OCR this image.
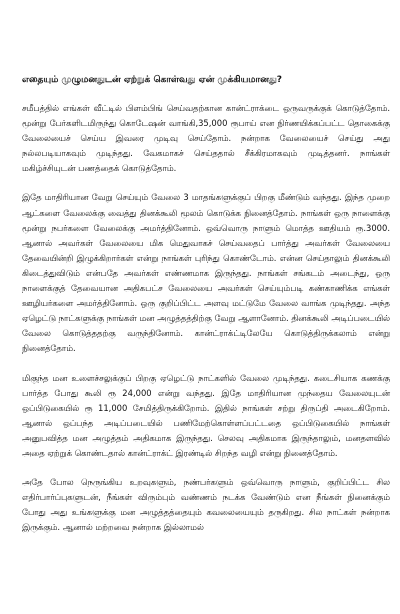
எதையும் முழுமனதுடன் ஏற்றுக் கொள்வது ஏன் முக்கியமானது?

சமீபத்தில் எங்கள் வீட்டில் பிளம்பிங் செய்வதற்கான கான்ட்ராக்டை ஒருவருக்குக் கொடுத்தோம். மூன்று பேர்களிடமிருந்து கொடேஷன் வாங்கி,35,000 ரூபாய் என நிர்ணயிக்கப்பட்ட தொகைக்கு வேலையைச் செய்ய இவரை முடிவு செய்தோம். நன்றாக வேலையைச் செய்து அது நல்லபடியாகவும் முடிந்தது. வேகமாகச் செய்ததால் சீக்கிரமாகவும் முடித்தனர். நாங்கள் மகிழ்ச்சியுடன் பணத்தைக் கொடுத்தோம்.

இதே மாதிரியான வேறு செய்யும் வேலை 3 மாதங்களுக்குப் பிறகு மீண்டும் வந்தது. இந்த முறை ஆட்களை வேலைக்கு வைத்து தினக்கூலி மூலம் கொடுக்க நினைத்தோம். நாங்கள் ஒரு நாளைக்கு மூன்று நபர்களை வேலைக்கு அமர்த்தினோம். ஒவ்வொரு நாளும் மொத்த ஊதியம் ரூ.3000. ஆனால் அவர்கள் வேலையை மிக மெதுவாகச் செய்வதைப் பார்த்து அவர்கள் வேலையை தேவையின்றி இழுக்கிறார்கள் என்று நாங்கள் புரிந்து கொண்டோம். என்ன செய்தாலும் தினக்கூலி கிடைத்துவிடும் என்பதே அவர்கள் எண்ணமாக இருந்தது. நாங்கள் சங்கடம் அடைந்து, ஒரு நாளைக்குத் தேவையான அதிகபட்ச வேலையை அவர்கள் செய்யும்படி கண்காணிக்க எங்கள் ஊழியர்களை அமர்த்தினோம். ஒரு குறிப்பிட்ட அளவு மட்டுமே வேலை வாங்க முடிந்தது. அந்த ஏழெட்டு நாட்களுக்கு நாங்கள் மன அழுத்தத்திற்கு வேறு ஆளானோம். தினக்கூலி அடிப்படையில் வேலை கொடுத்ததற்கு வருந்தினோம். கான்ட்ராக்ட்டிலேயே கொடுத்திருக்கலாம் என்று நினைத்தோம்.

மிகுந்த மன உளைச்சலுக்குப் பிறகு ஏழெட்டு நாட்களில் வேலை முடிந்தது. கடைசியாக கணக்கு பார்த்த போது கூலி ரூ 24,000 என்று வந்தது. இதே மாதிரியான முந்தைய வேலையுடன் ஒப்பிடுகையில் ரூ 11,000 சேமித்திருக்கிறோம். இதில் நாங்கள் சற்று திருப்தி அடைகிறோம். ஆனால் ஒப்பந்த அடிப்படையில் பணிமேற்கொள்ளப்பட்டதை ஒப்பிடுகையில் நாங்கள் அனுபவித்த மன அழுத்தம் அதிகமாக இருந்தது. செலவு அதிகமாக இருந்தாலும், மனதளவில் அதை ஏற்றுக் கொண்டதால் கான்ட்ராக்ட் இரண்டில் சிறந்த வழி என்று நினைத்தோம்.

அதே போல நெருங்கிய உறவுகளும், நண்பர்களும் ஒவ்வொரு நாளும், குறிப்பிட்ட சில எதிர்பார்ப்புகளுடன், நீங்கள் விரும்பும் வண்ணம் நடக்க வேண்டும் என நீங்கள் நினைக்கும் போது அது உங்களுக்கு மன அழுத்தத்தையும் கவலையையும் தருகிறது. சில நாட்கள் நன்றாக இருக்கும். ஆனால் மற்றவை நன்றாக இல்லாமல்
